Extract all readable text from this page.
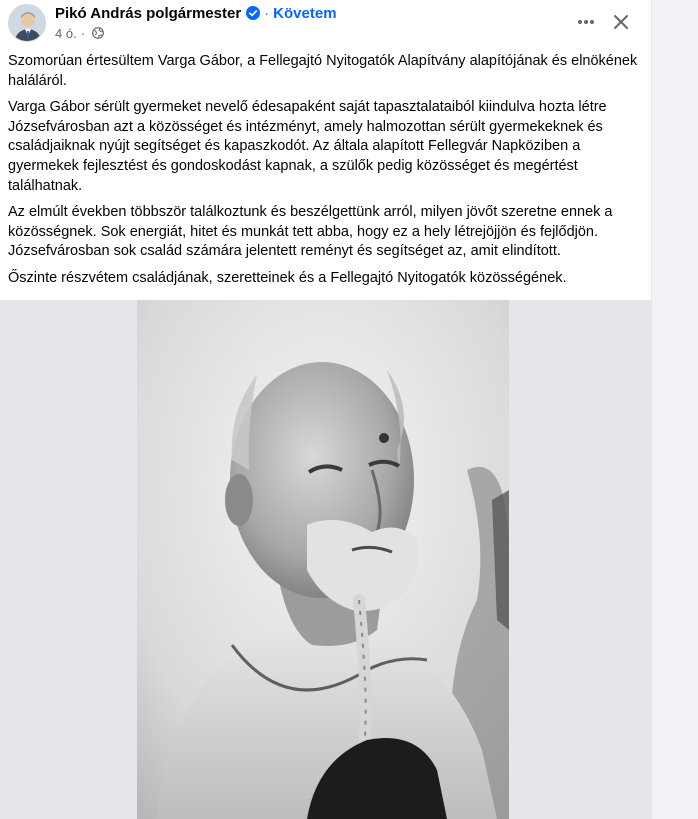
Pikó András polgármester · Követem
4 ó. ·

Szomorúan értesültem Varga Gábor, a Fellegajtó Nyitogatók Alapítvány alapítójának és elnökének haláláról.

Varga Gábor sérült gyermeket nevelő édesapaként saját tapasztalataiból kiindulva hozta létre Józsefvárosban azt a közösséget és intézményt, amely halmozottan sérült gyermekeknek és családjaiknak nyújt segítséget és kapaszkodót. Az általa alapított Fellegvár Napköziben a gyermekek fejlesztést és gondoskodást kapnak, a szülők pedig közösséget és megértést találhatnak.

Az elmúlt években többször találkoztunk és beszélgettünk arról, milyen jövőt szeretne ennek a közösségnek. Sok energiát, hitet és munkát tett abba, hogy ez a hely létrejöjjön és fejlődjön. Józsefvárosban sok család számára jelentett reményt és segítséget az, amit elindított.

Őszinte részvétem családjának, szeretteinek és a Fellegajtó Nyitogatók közösségének.
